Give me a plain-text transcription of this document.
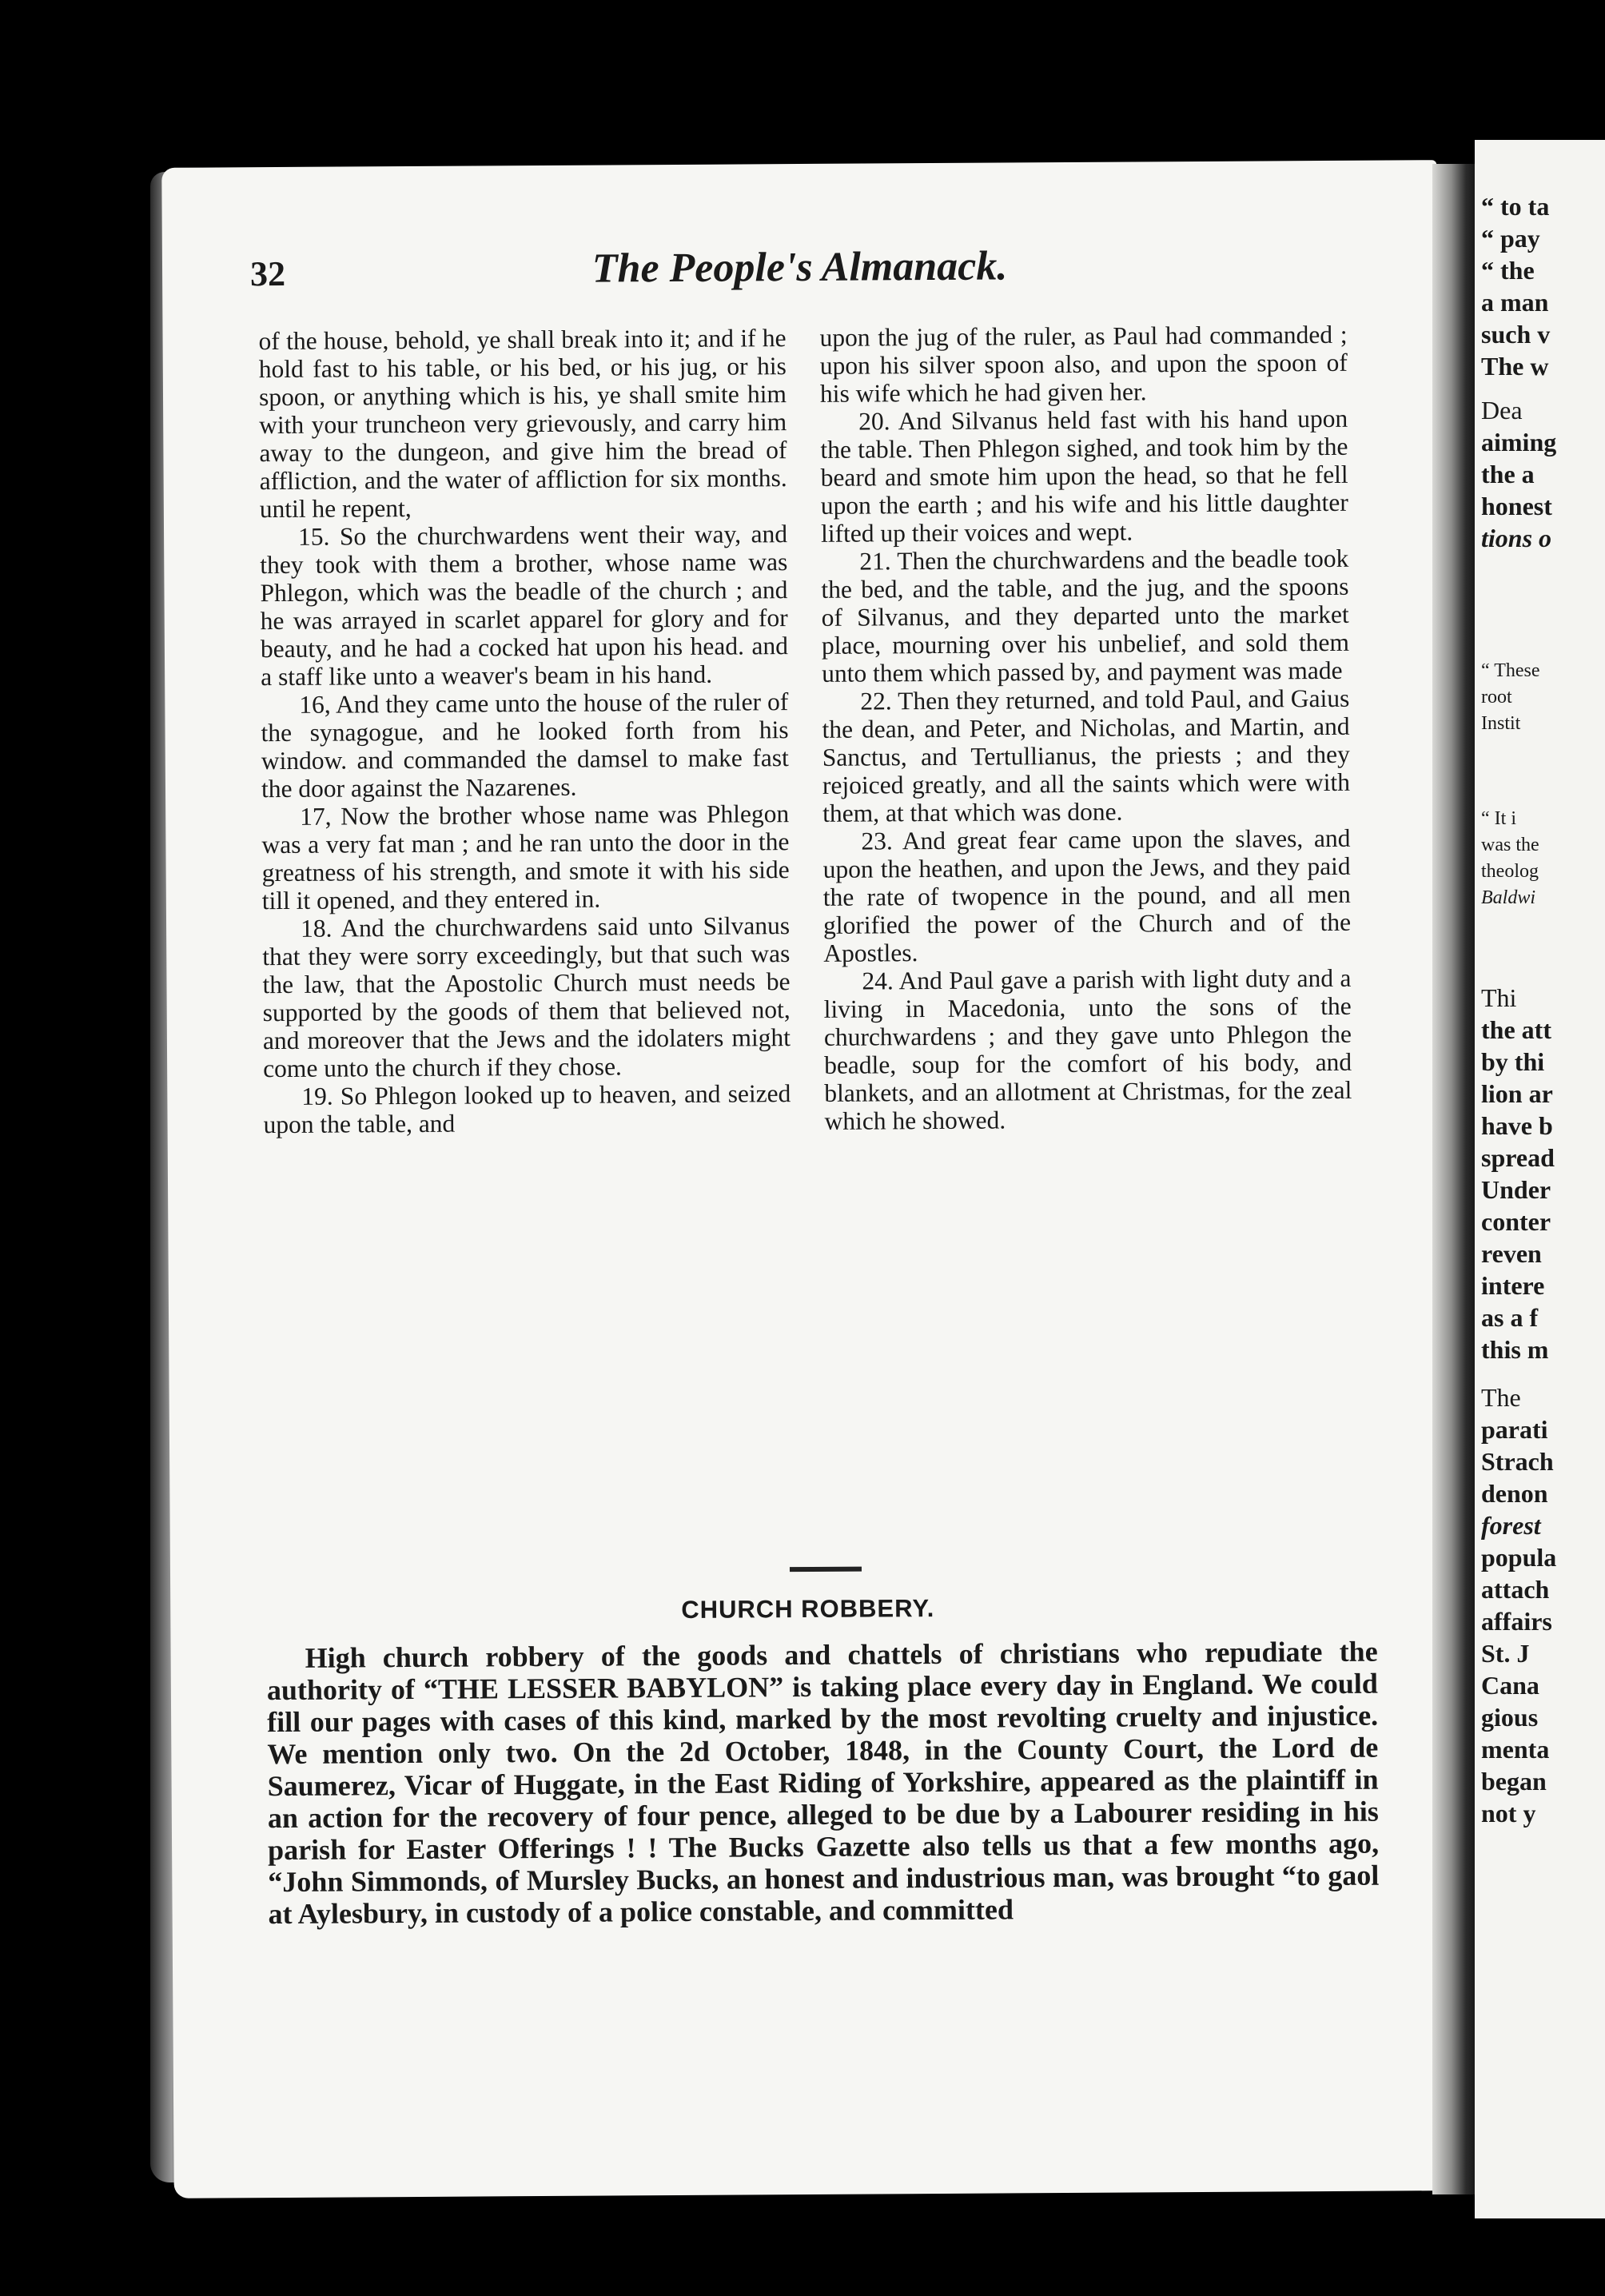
32	The People's Almanack.

of the house, behold, ye shall break into it; and if he hold fast to his table, or his bed, or his jug, or his spoon, or anything which is his, ye shall smite him with your truncheon very grievously, and carry him away to the dungeon, and give him the bread of affliction, and the water of affliction for six months. until he repent,

15. So the churchwardens went their way, and they took with them a brother, whose name was Phlegon, which was the beadle of the church ; and he was arrayed in scarlet apparel for glory and for beauty, and he had a cocked hat upon his head. and a staff like unto a weaver's beam in his hand.

16, And they came unto the house of the ruler of the synagogue, and he looked forth from his window. and commanded the damsel to make fast the door against the Nazarenes.

17, Now the brother whose name was Phlegon was a very fat man ; and he ran unto the door in the greatness of his strength, and smote it with his side till it opened, and they entered in.

18. And the churchwardens said unto Silvanus that they were sorry exceedingly, but that such was the law, that the Apostolic Church must needs be supported by the goods of them that believed not, and moreover that the Jews and the idolaters might come unto the church if they chose.

19. So Phlegon looked up to heaven, and seized upon the table, and

upon the jug of the ruler, as Paul had commanded ; upon his silver spoon also, and upon the spoon of his wife which he had given her.

20. And Silvanus held fast with his hand upon the table. Then Phlegon sighed, and took him by the beard and smote him upon the head, so that he fell upon the earth ; and his wife and his little daughter lifted up their voices and wept.

21. Then the churchwardens and the beadle took the bed, and the table, and the jug, and the spoons of Silvanus, and they departed unto the market place, mourning over his unbelief, and sold them unto them which passed by, and payment was made

22. Then they returned, and told Paul, and Gaius the dean, and Peter, and Nicholas, and Martin, and Sanctus, and Tertullianus, the priests ; and they rejoiced greatly, and all the saints which were with them, at that which was done.

23. And great fear came upon the slaves, and upon the heathen, and upon the Jews, and they paid the rate of twopence in the pound, and all men glorified the power of the Church and of the Apostles.

24. And Paul gave a parish with light duty and a living in Macedonia, unto the sons of the churchwardens ; and they gave unto Phlegon the beadle, soup for the comfort of his body, and blankets, and an allotment at Christmas, for the zeal which he showed.

CHURCH ROBBERY.

High church robbery of the goods and chattels of christians who repudiate the authority of “THE LESSER BABYLON” is taking place every day in England. We could fill our pages with cases of this kind, marked by the most revolting cruelty and injustice. We mention only two. On the 2d October, 1848, in the County Court, the Lord de Saumerez, Vicar of Huggate, in the East Riding of Yorkshire, appeared as the plaintiff in an action for the recovery of four pence, alleged to be due by a Labourer residing in his parish for Easter Offerings ! ! The Bucks Gazette also tells us that a few months ago, “John Simmonds, of Mursley Bucks, an honest and industrious man, was brought “to gaol at Aylesbury, in custody of a police constable, and committed

“ to ta
“ pay
“ the
a man
such v
The w
Dea
aiming
the a
honest
tions o
“ These
root
Instit
“ It i
was the
theolog
Baldwi
Thi
the att
by thi
lion ar
have b
spread
Under
conter
reven
intere
as a f
this m
The
parati
Strach
denon
forest
popula
attach
affairs
St. J
Cana
gious
menta
began
not y
